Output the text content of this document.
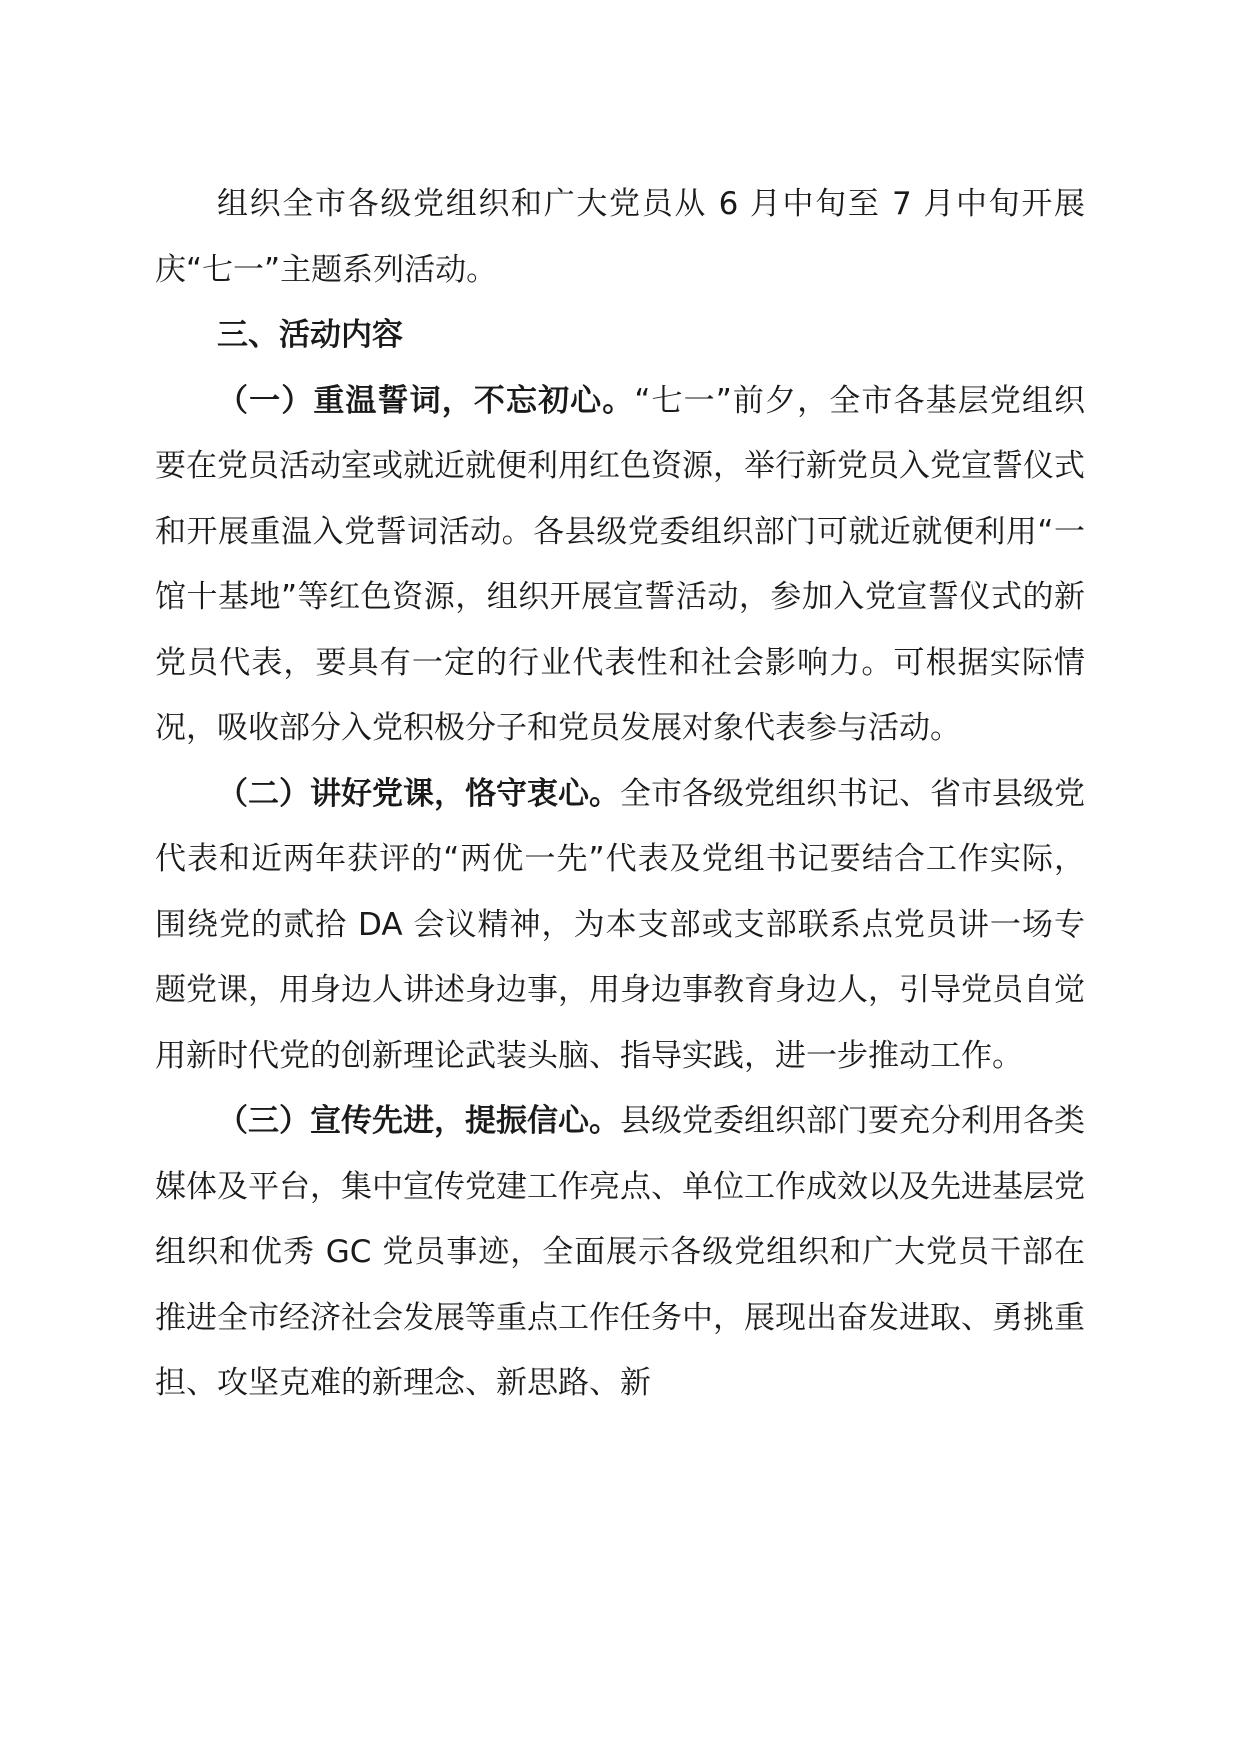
组织全市各级党组织和广大党员从 6 月中旬至 7 月中旬开展庆“七一”主题系列活动。

三、活动内容

（一）重温誓词，不忘初心。“七一”前夕，全市各基层党组织要在党员活动室或就近就便利用红色资源，举行新党员入党宣誓仪式和开展重温入党誓词活动。各县级党委组织部门可就近就便利用“一馆十基地”等红色资源，组织开展宣誓活动，参加入党宣誓仪式的新党员代表，要具有一定的行业代表性和社会影响力。可根据实际情况，吸收部分入党积极分子和党员发展对象代表参与活动。

（二）讲好党课，恪守衷心。全市各级党组织书记、省市县级党代表和近两年获评的“两优一先”代表及党组书记要结合工作实际，围绕党的贰拾 DA 会议精神，为本支部或支部联系点党员讲一场专题党课，用身边人讲述身边事，用身边事教育身边人，引导党员自觉用新时代党的创新理论武装头脑、指导实践，进一步推动工作。

（三）宣传先进，提振信心。县级党委组织部门要充分利用各类媒体及平台，集中宣传党建工作亮点、单位工作成效以及先进基层党组织和优秀 GC 党员事迹，全面展示各级党组织和广大党员干部在推进全市经济社会发展等重点工作任务中，展现出奋发进取、勇挑重担、攻坚克难的新理念、新思路、新
